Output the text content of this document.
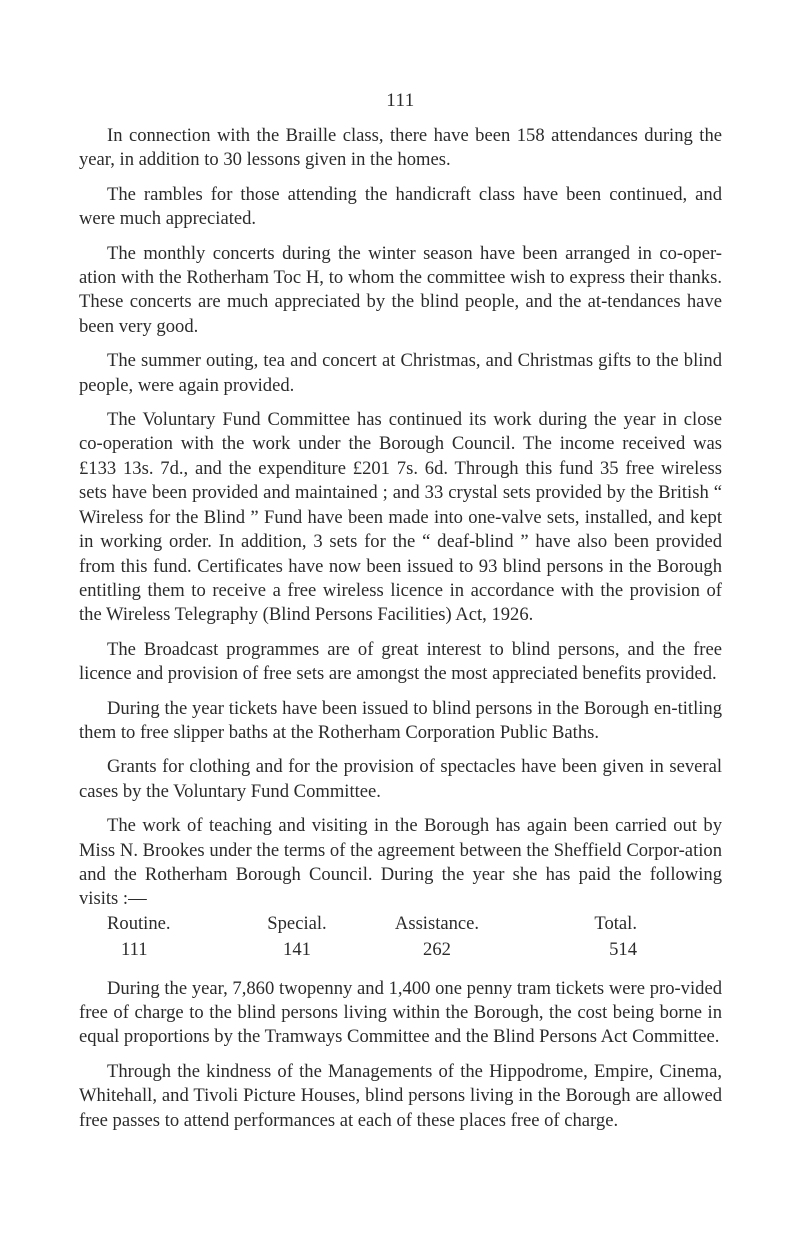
111

In connection with the Braille class, there have been 158 attendances during the year, in addition to 30 lessons given in the homes.

The rambles for those attending the handicraft class have been continued, and were much appreciated.

The monthly concerts during the winter season have been arranged in co-oper-ation with the Rotherham Toc H, to whom the committee wish to express their thanks. These concerts are much appreciated by the blind people, and the at-tendances have been very good.

The summer outing, tea and concert at Christmas, and Christmas gifts to the blind people, were again provided.

The Voluntary Fund Committee has continued its work during the year in close co-operation with the work under the Borough Council. The income received was £133 13s. 7d., and the expenditure £201 7s. 6d. Through this fund 35 free wireless sets have been provided and maintained ; and 33 crystal sets provided by the British “ Wireless for the Blind ” Fund have been made into one-valve sets, installed, and kept in working order. In addition, 3 sets for the “ deaf-blind ” have also been provided from this fund. Certificates have now been issued to 93 blind persons in the Borough entitling them to receive a free wireless licence in accordance with the provision of the Wireless Telegraphy (Blind Persons Facilities) Act, 1926.

The Broadcast programmes are of great interest to blind persons, and the free licence and provision of free sets are amongst the most appreciated benefits provided.

During the year tickets have been issued to blind persons in the Borough en-titling them to free slipper baths at the Rotherham Corporation Public Baths.

Grants for clothing and for the provision of spectacles have been given in several cases by the Voluntary Fund Committee.

The work of teaching and visiting in the Borough has again been carried out by Miss N. Brookes under the terms of the agreement between the Sheffield Corpor-ation and the Rotherham Borough Council. During the year she has paid the following visits :—

Routine.	Special.	Assistance.	Total.
111	141	262	514

During the year, 7,860 twopenny and 1,400 one penny tram tickets were pro-vided free of charge to the blind persons living within the Borough, the cost being borne in equal proportions by the Tramways Committee and the Blind Persons Act Committee.

Through the kindness of the Managements of the Hippodrome, Empire, Cinema, Whitehall, and Tivoli Picture Houses, blind persons living in the Borough are allowed free passes to attend performances at each of these places free of charge.
